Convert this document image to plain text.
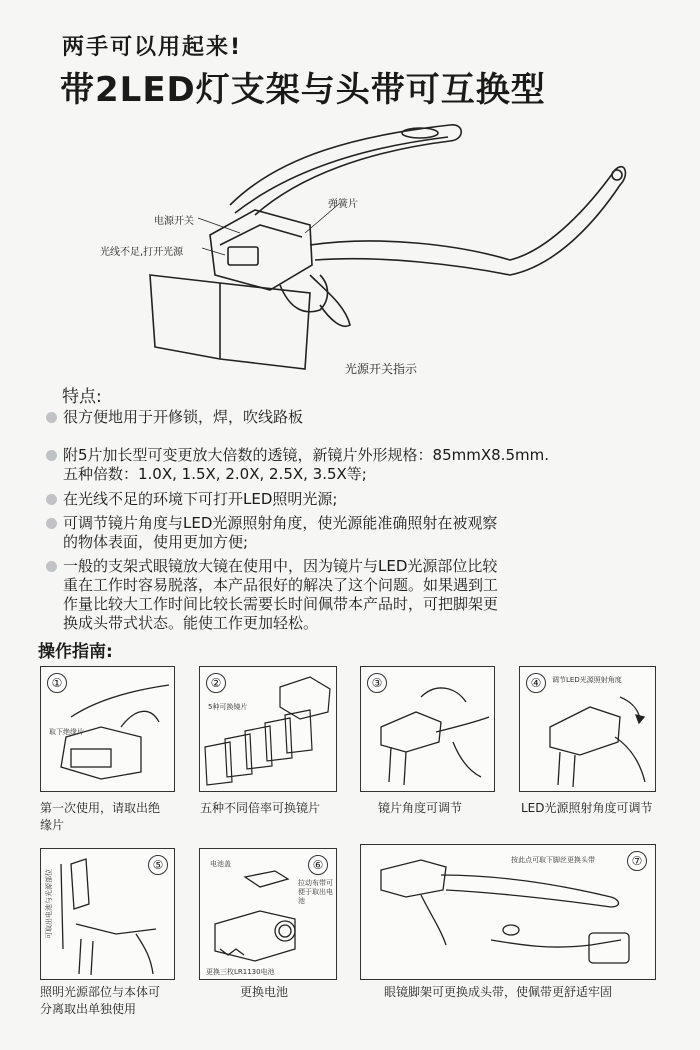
两手可以用起来!
带2LED灯支架与头带可互换型
电源开关
弹簧片
光线不足,打开光源
光源开关指示
特点:
很方便地用于开修锁，焊，吹线路板
附5片加长型可变更放大倍数的透镜，新镜片外形规格：85mmX8.5mm.
五种倍数：1.0X, 1.5X, 2.0X, 2.5X, 3.5X等;
在光线不足的环境下可打开LED照明光源;
可调节镜片角度与LED光源照射角度，使光源能准确照射在被观察
的物体表面，使用更加方便;
一般的支架式眼镜放大镜在使用中，因为镜片与LED光源部位比较
重在工作时容易脱落，本产品很好的解决了这个问题。如果遇到工
作量比较大工作时间比较长需要长时间佩带本产品时，可把脚架更
换成头带式状态。能使工作更加轻松。
操作指南:
①
取下绝缘片
第一次使用，请取出绝
缘片
②
5种可换镜片
五种不同倍率可换镜片
③
镜片角度可调节
④	调节LED光源照射角度
LED光源照射角度可调节
⑤
可取出电池与光源部位
照明光源部位与本体可
分离取出单独使用
⑥
电池盖
拉动布带可便于取出电池
更换三枚LR1130电池
更换电池
⑦
按此点可取下脚丝更换头带
眼镜脚架可更换成头带，使佩带更舒适牢固
